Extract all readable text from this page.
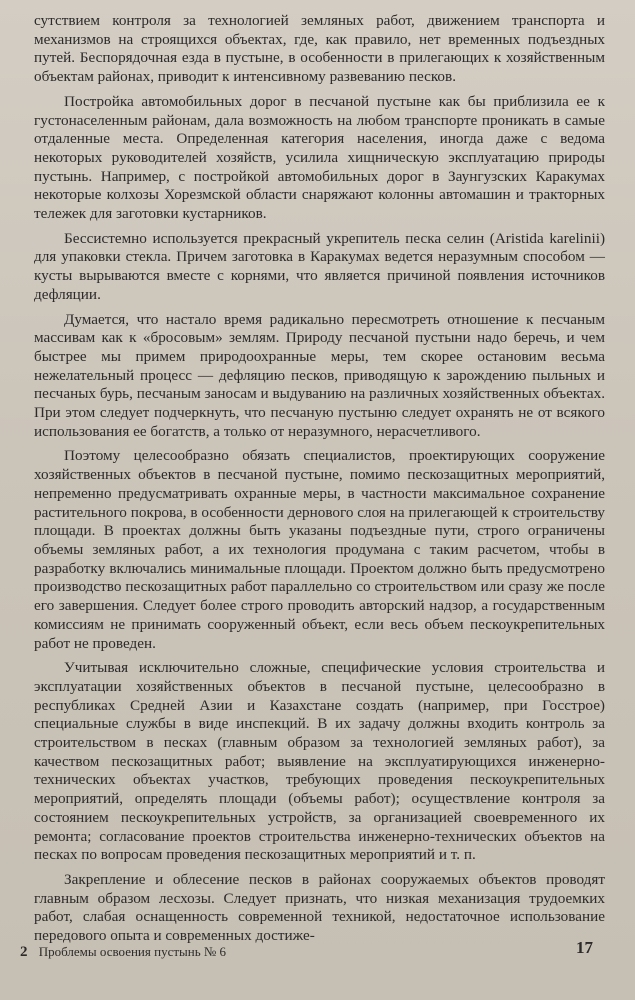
сутствием контроля за технологией земляных работ, движением транспорта и механизмов на строящихся объектах, где, как правило, нет временных подъездных путей. Беспорядочная езда в пустыне, в особенности в прилегающих к хозяйственным объектам районах, приводит к интенсивному развеванию песков.

Постройка автомобильных дорог в песчаной пустыне как бы приблизила ее к густонаселенным районам, дала возможность на любом транспорте проникать в самые отдаленные места. Определенная категория населения, иногда даже с ведома некоторых руководителей хозяйств, усилила хищническую эксплуатацию природы пустынь. Например, с постройкой автомобильных дорог в Заунгузских Каракумах некоторые колхозы Хорезмской области снаряжают колонны автомашин и тракторных тележек для заготовки кустарников.

Бессистемно используется прекрасный укрепитель песка селин (Aristida karelinii) для упаковки стекла. Причем заготовка в Каракумах ведется неразумным способом — кусты вырываются вместе с корнями, что является причиной появления источников дефляции.

Думается, что настало время радикально пересмотреть отношение к песчаным массивам как к «бросовым» землям. Природу песчаной пустыни надо беречь, и чем быстрее мы примем природоохранные меры, тем скорее остановим весьма нежелательный процесс — дефляцию песков, приводящую к зарождению пыльных и песчаных бурь, песчаным заносам и выдуванию на различных хозяйственных объектах. При этом следует подчеркнуть, что песчаную пустыню следует охранять не от всякого использования ее богатств, а только от неразумного, нерасчетливого.

Поэтому целесообразно обязать специалистов, проектирующих сооружение хозяйственных объектов в песчаной пустыне, помимо пескозащитных мероприятий, непременно предусматривать охранные меры, в частности максимальное сохранение растительного покрова, в особенности дернового слоя на прилегающей к строительству площади. В проектах должны быть указаны подъездные пути, строго ограничены объемы земляных работ, а их технология продумана с таким расчетом, чтобы в разработку включались минимальные площади. Проектом должно быть предусмотрено производство пескозащитных работ параллельно со строительством или сразу же после его завершения. Следует более строго проводить авторский надзор, а государственным комиссиям не принимать сооруженный объект, если весь объем пескоукрепительных работ не проведен.

Учитывая исключительно сложные, специфические условия строительства и эксплуатации хозяйственных объектов в песчаной пустыне, целесообразно в республиках Средней Азии и Казахстане создать (например, при Госстрое) специальные службы в виде инспекций. В их задачу должны входить контроль за строительством в песках (главным образом за технологией земляных работ), за качеством пескозащитных работ; выявление на эксплуатирующихся инженерно-технических объектах участков, требующих проведения пескоукрепительных мероприятий, определять площади (объемы работ); осуществление контроля за состоянием пескоукрепительных устройств, за организацией своевременного их ремонта; согласование проектов строительства инженерно-технических объектов на песках по вопросам проведения пескозащитных мероприятий и т. п.

Закрепление и облесение песков в районах сооружаемых объектов проводят главным образом лесхозы. Следует признать, что низкая механизация трудоемких работ, слабая оснащенность современной техникой, недостаточное использование передового опыта и современных достиже-

2 Проблемы освоения пустынь № 6	17
